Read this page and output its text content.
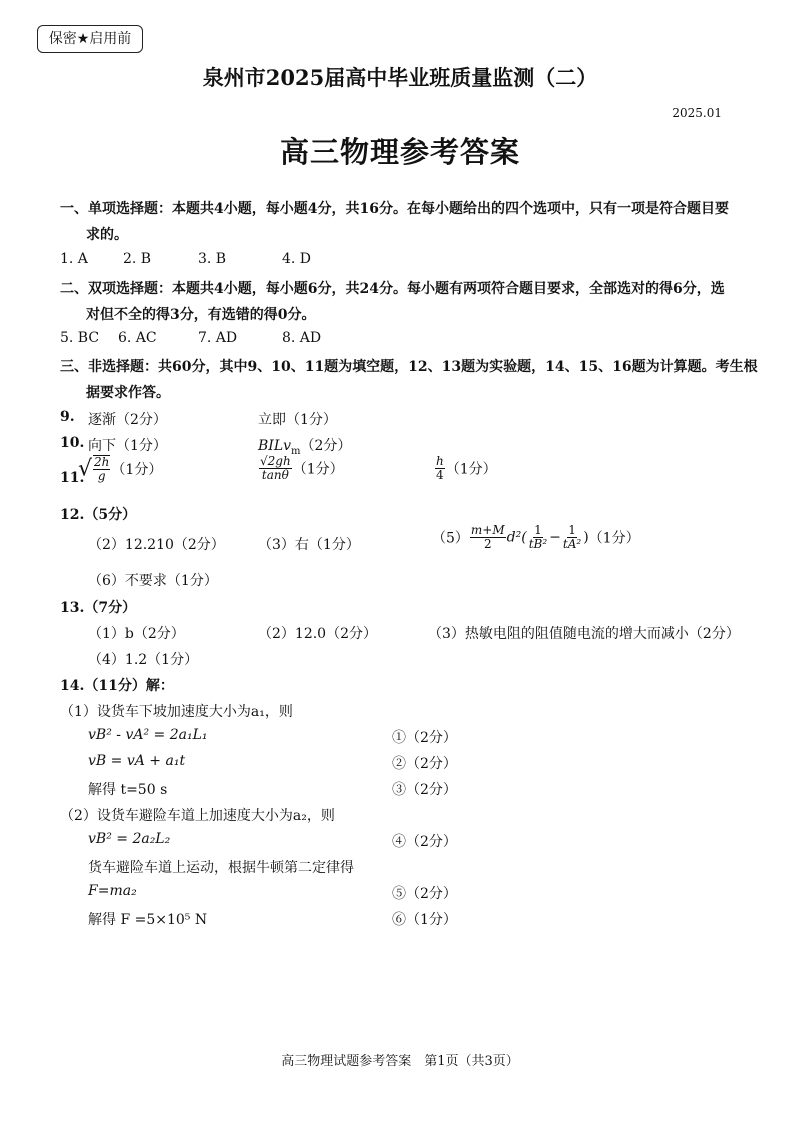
保密★启用前
泉州市2025届高中毕业班质量监测（二）
2025.01
高三物理参考答案
一、单项选择题：本题共4小题，每小题4分，共16分。在每小题给出的四个选项中，只有一项是符合题目要
求的。
1. A	2. B	3. B	4. D
二、双项选择题：本题共4小题，每小题6分，共24分。每小题有两项符合题目要求，全部选对的得6分，选
对但不全的得3分，有选错的得0分。
5. BC 6. AC	7. AD	8. AD
三、非选择题：共60分，其中9、10、11题为填空题，12、13题为实验题，14、15、16题为计算题。考生根
据要求作答。
9. 逐渐（2分）	立即（1分）
10. 向下（1分）	BILv$_m$（2分）
11.
√ $\frac{2h}{g} (1$分）	$\frac{√2gh}{\tan\theta} (1$分）	$\frac{h}{4} (1$分）
12.（5分）
（2）12.210（2分） （3）右（1分）	$(5) \frac{m+M}{2} d^2( \frac{1}{\text{tB²}} - \frac{1}{\text{tA²}} )(1$分）
（6）不要求（1分）
13.（7分）
（1）b（2分）	（2）12.0（2分）	（3）热敏电阻的阻值随电流的增大而减小（2分）
（4）1.2（1分）
14.（11分）解：
（1）设货车下坡加速度大小为a₁，则
vB² - vA² = 2a₁L₁	①（2分）
vB = vA + a₁t	②（2分）
解得 t=50 s	③（2分）
（2）设货车避险车道上加速度大小为a₂，则
vB² = 2a₂L₂	④（2分）
货车避险车道上运动，根据牛顿第二定律得
F=ma₂	⑤（2分）
解得 F =5×10⁵ N	⑥（1分）
高三物理试题参考答案　第1页（共3页）
